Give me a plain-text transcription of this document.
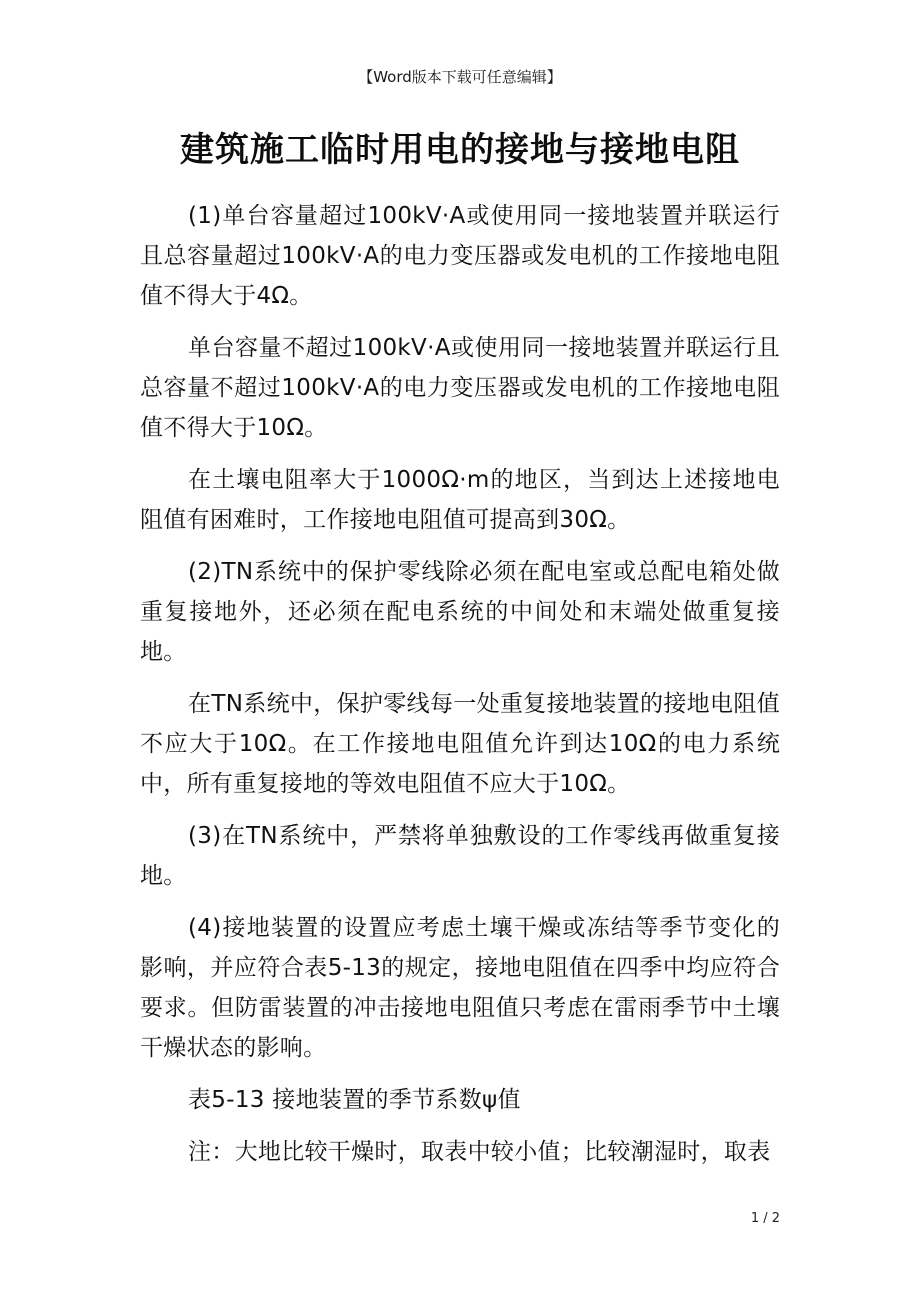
【Word版本下载可任意编辑】
建筑施工临时用电的接地与接地电阻

(1)单台容量超过100kV·A或使用同一接地装置并联运行且总容量超过100kV·A的电力变压器或发电机的工作接地电阻值不得大于4Ω。

单台容量不超过100kV·A或使用同一接地装置并联运行且总容量不超过100kV·A的电力变压器或发电机的工作接地电阻值不得大于10Ω。

在土壤电阻率大于1000Ω·m的地区，当到达上述接地电阻值有困难时，工作接地电阻值可提高到30Ω。

(2)TN系统中的保护零线除必须在配电室或总配电箱处做重复接地外，还必须在配电系统的中间处和末端处做重复接地。

在TN系统中，保护零线每一处重复接地装置的接地电阻值不应大于10Ω。在工作接地电阻值允许到达10Ω的电力系统中，所有重复接地的等效电阻值不应大于10Ω。

(3)在TN系统中，严禁将单独敷设的工作零线再做重复接地。

(4)接地装置的设置应考虑土壤干燥或冻结等季节变化的影响，并应符合表5-13的规定，接地电阻值在四季中均应符合要求。但防雷装置的冲击接地电阻值只考虑在雷雨季节中土壤干燥状态的影响。

表5-13 接地装置的季节系数ψ值

注：大地比较干燥时，取表中较小值；比较潮湿时，取表

1 / 2
